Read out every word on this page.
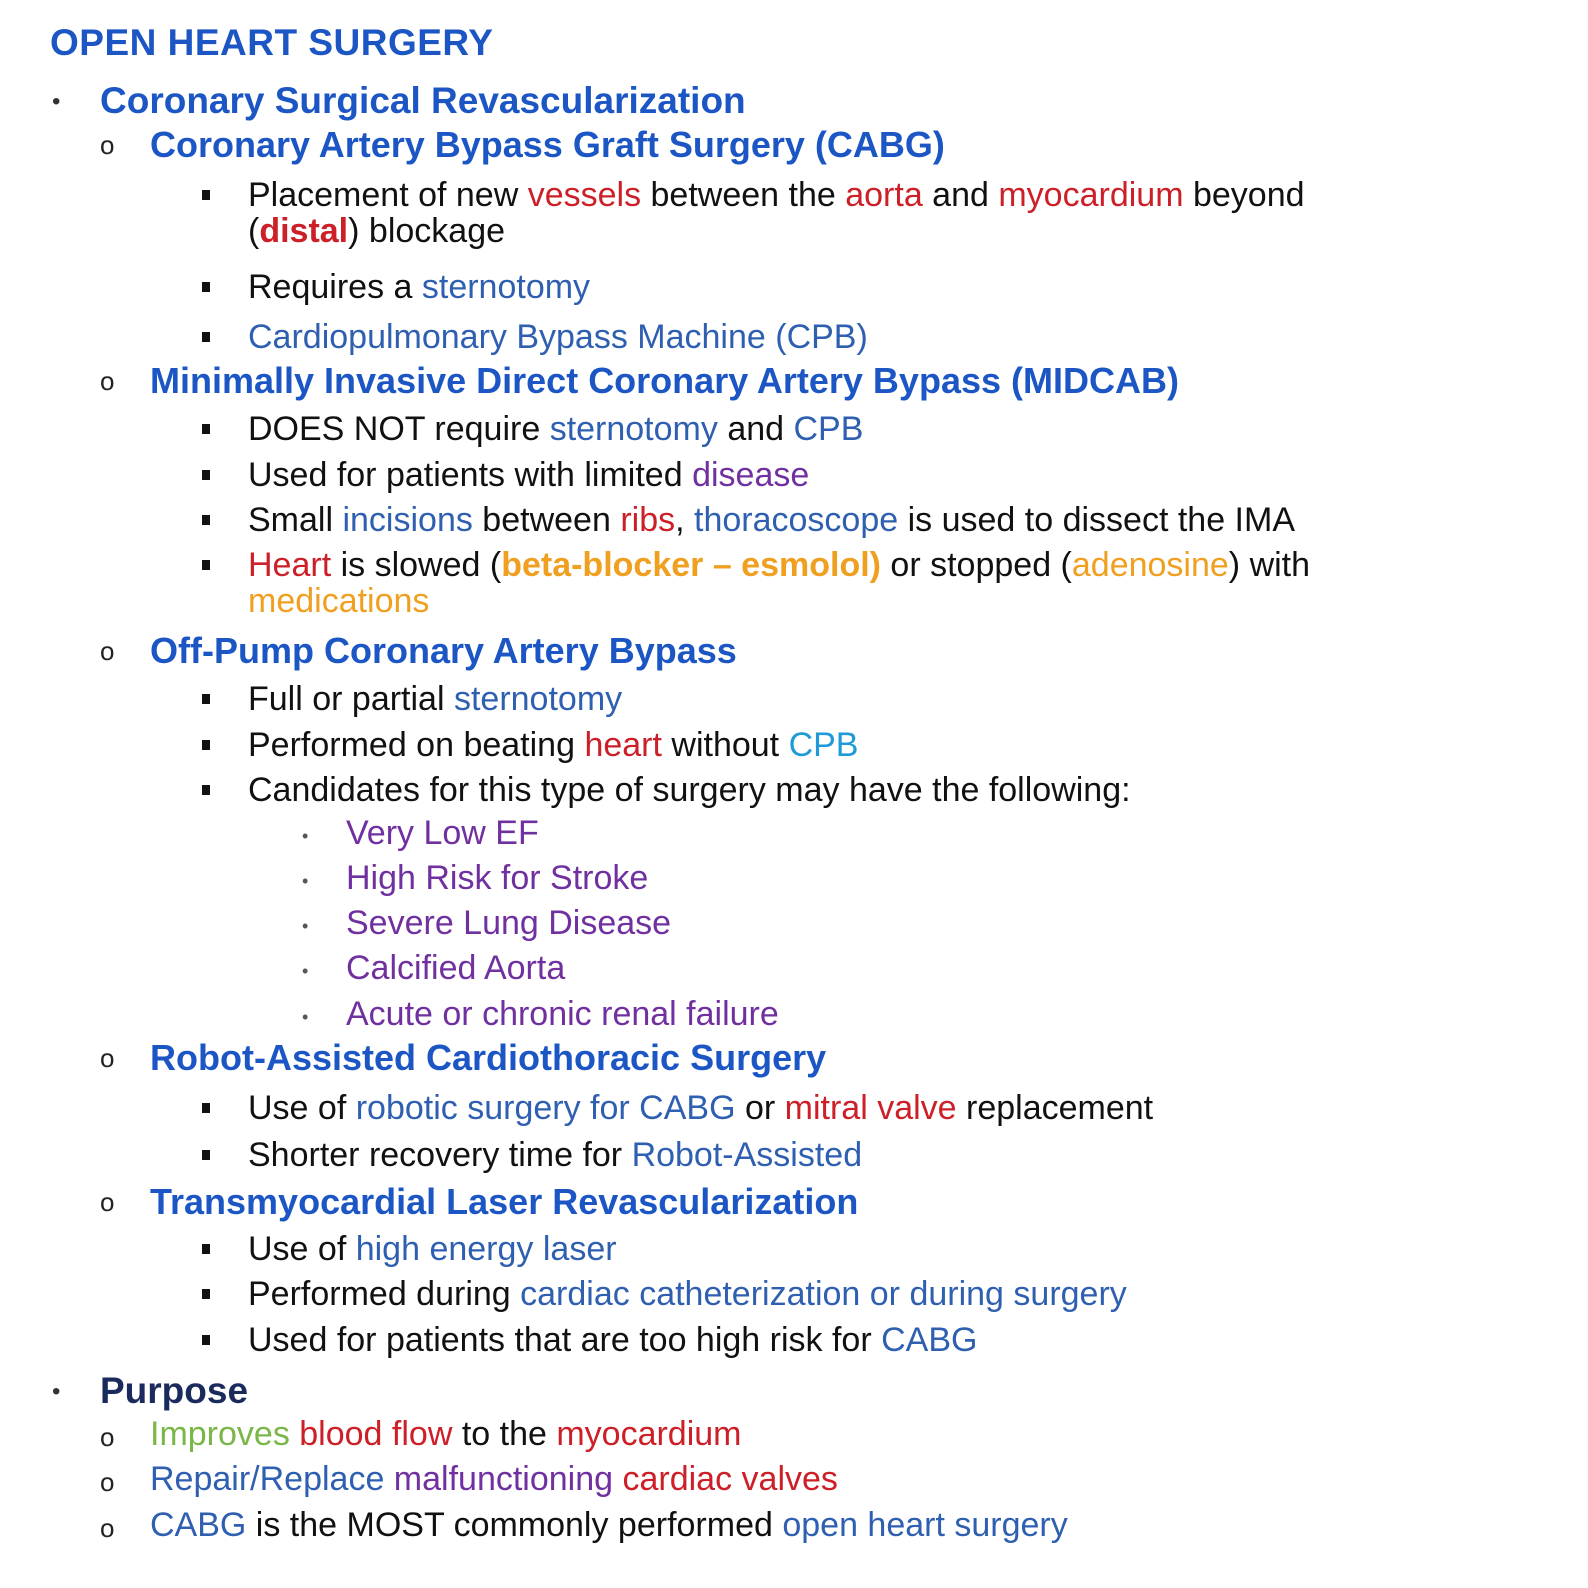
OPEN HEART SURGERY
• Coronary Surgical Revascularization
o Coronary Artery Bypass Graft Surgery (CABG)
Placement of new vessels between the aorta and myocardium beyond
(distal) blockage
Requires a sternotomy
Cardiopulmonary Bypass Machine (CPB)
o Minimally Invasive Direct Coronary Artery Bypass (MIDCAB)
DOES NOT require sternotomy and CPB
Used for patients with limited disease
Small incisions between ribs, thoracoscope is used to dissect the IMA
Heart is slowed (beta-blocker – esmolol) or stopped (adenosine) with
medications
o Off-Pump Coronary Artery Bypass
Full or partial sternotomy
Performed on beating heart without CPB
Candidates for this type of surgery may have the following:
• Very Low EF
• High Risk for Stroke
• Severe Lung Disease
• Calcified Aorta
• Acute or chronic renal failure
o Robot-Assisted Cardiothoracic Surgery
Use of robotic surgery for CABG or mitral valve replacement
Shorter recovery time for Robot-Assisted
o Transmyocardial Laser Revascularization
Use of high energy laser
Performed during cardiac catheterization or during surgery
Used for patients that are too high risk for CABG
• Purpose
o Improves blood flow to the myocardium
o Repair/Replace malfunctioning cardiac valves
o CABG is the MOST commonly performed open heart surgery
